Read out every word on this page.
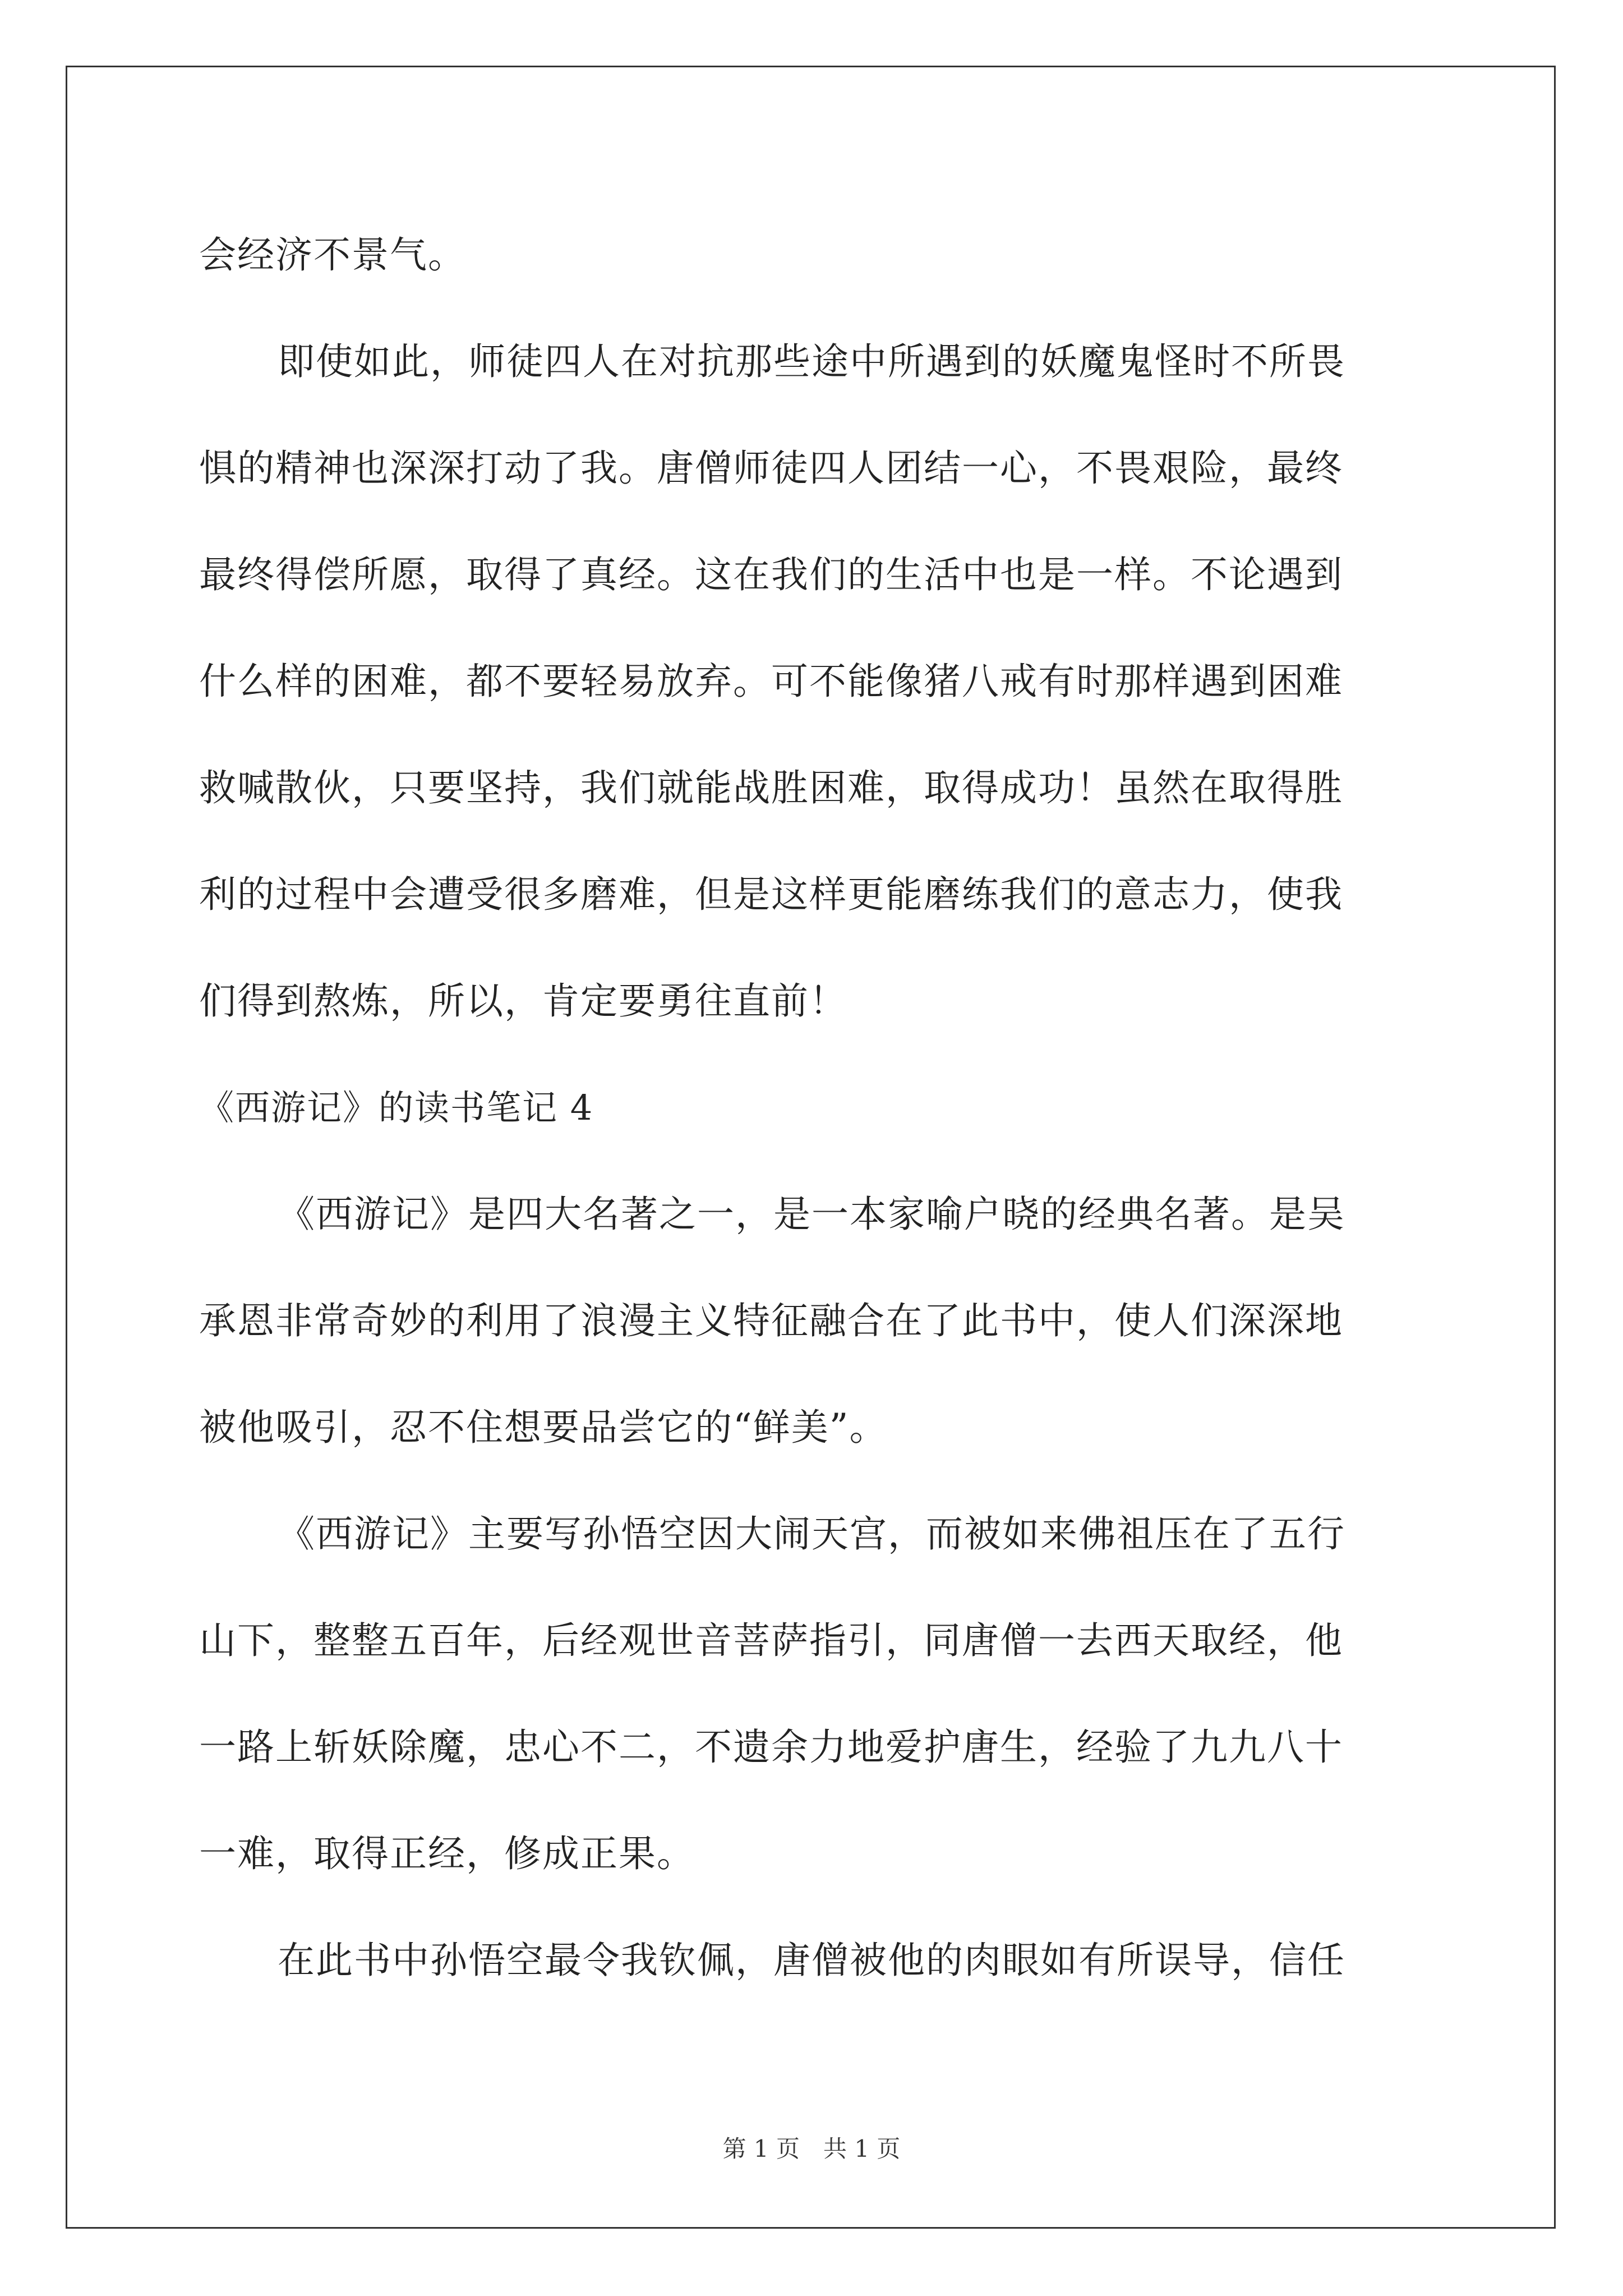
会经济不景气。
即使如此，师徒四人在对抗那些途中所遇到的妖魔鬼怪时不所畏
惧的精神也深深打动了我。唐僧师徒四人团结一心，不畏艰险，最终
最终得偿所愿，取得了真经。这在我们的生活中也是一样。不论遇到
什么样的困难，都不要轻易放弃。可不能像猪八戒有时那样遇到困难
救喊散伙，只要坚持，我们就能战胜困难，取得成功！虽然在取得胜
利的过程中会遭受很多磨难，但是这样更能磨练我们的意志力，使我
们得到熬炼，所以，肯定要勇往直前！
《西游记》的读书笔记 4
《西游记》是四大名著之一，是一本家喻户晓的经典名著。是吴
承恩非常奇妙的利用了浪漫主义特征融合在了此书中，使人们深深地
被他吸引，忍不住想要品尝它的“鲜美”。
《西游记》主要写孙悟空因大闹天宫，而被如来佛祖压在了五行
山下，整整五百年，后经观世音菩萨指引，同唐僧一去西天取经，他
一路上斩妖除魔，忠心不二，不遗余力地爱护唐生，经验了九九八十
一难，取得正经，修成正果。
在此书中孙悟空最令我钦佩，唐僧被他的肉眼如有所误导，信任
第 1 页　共 1 页
